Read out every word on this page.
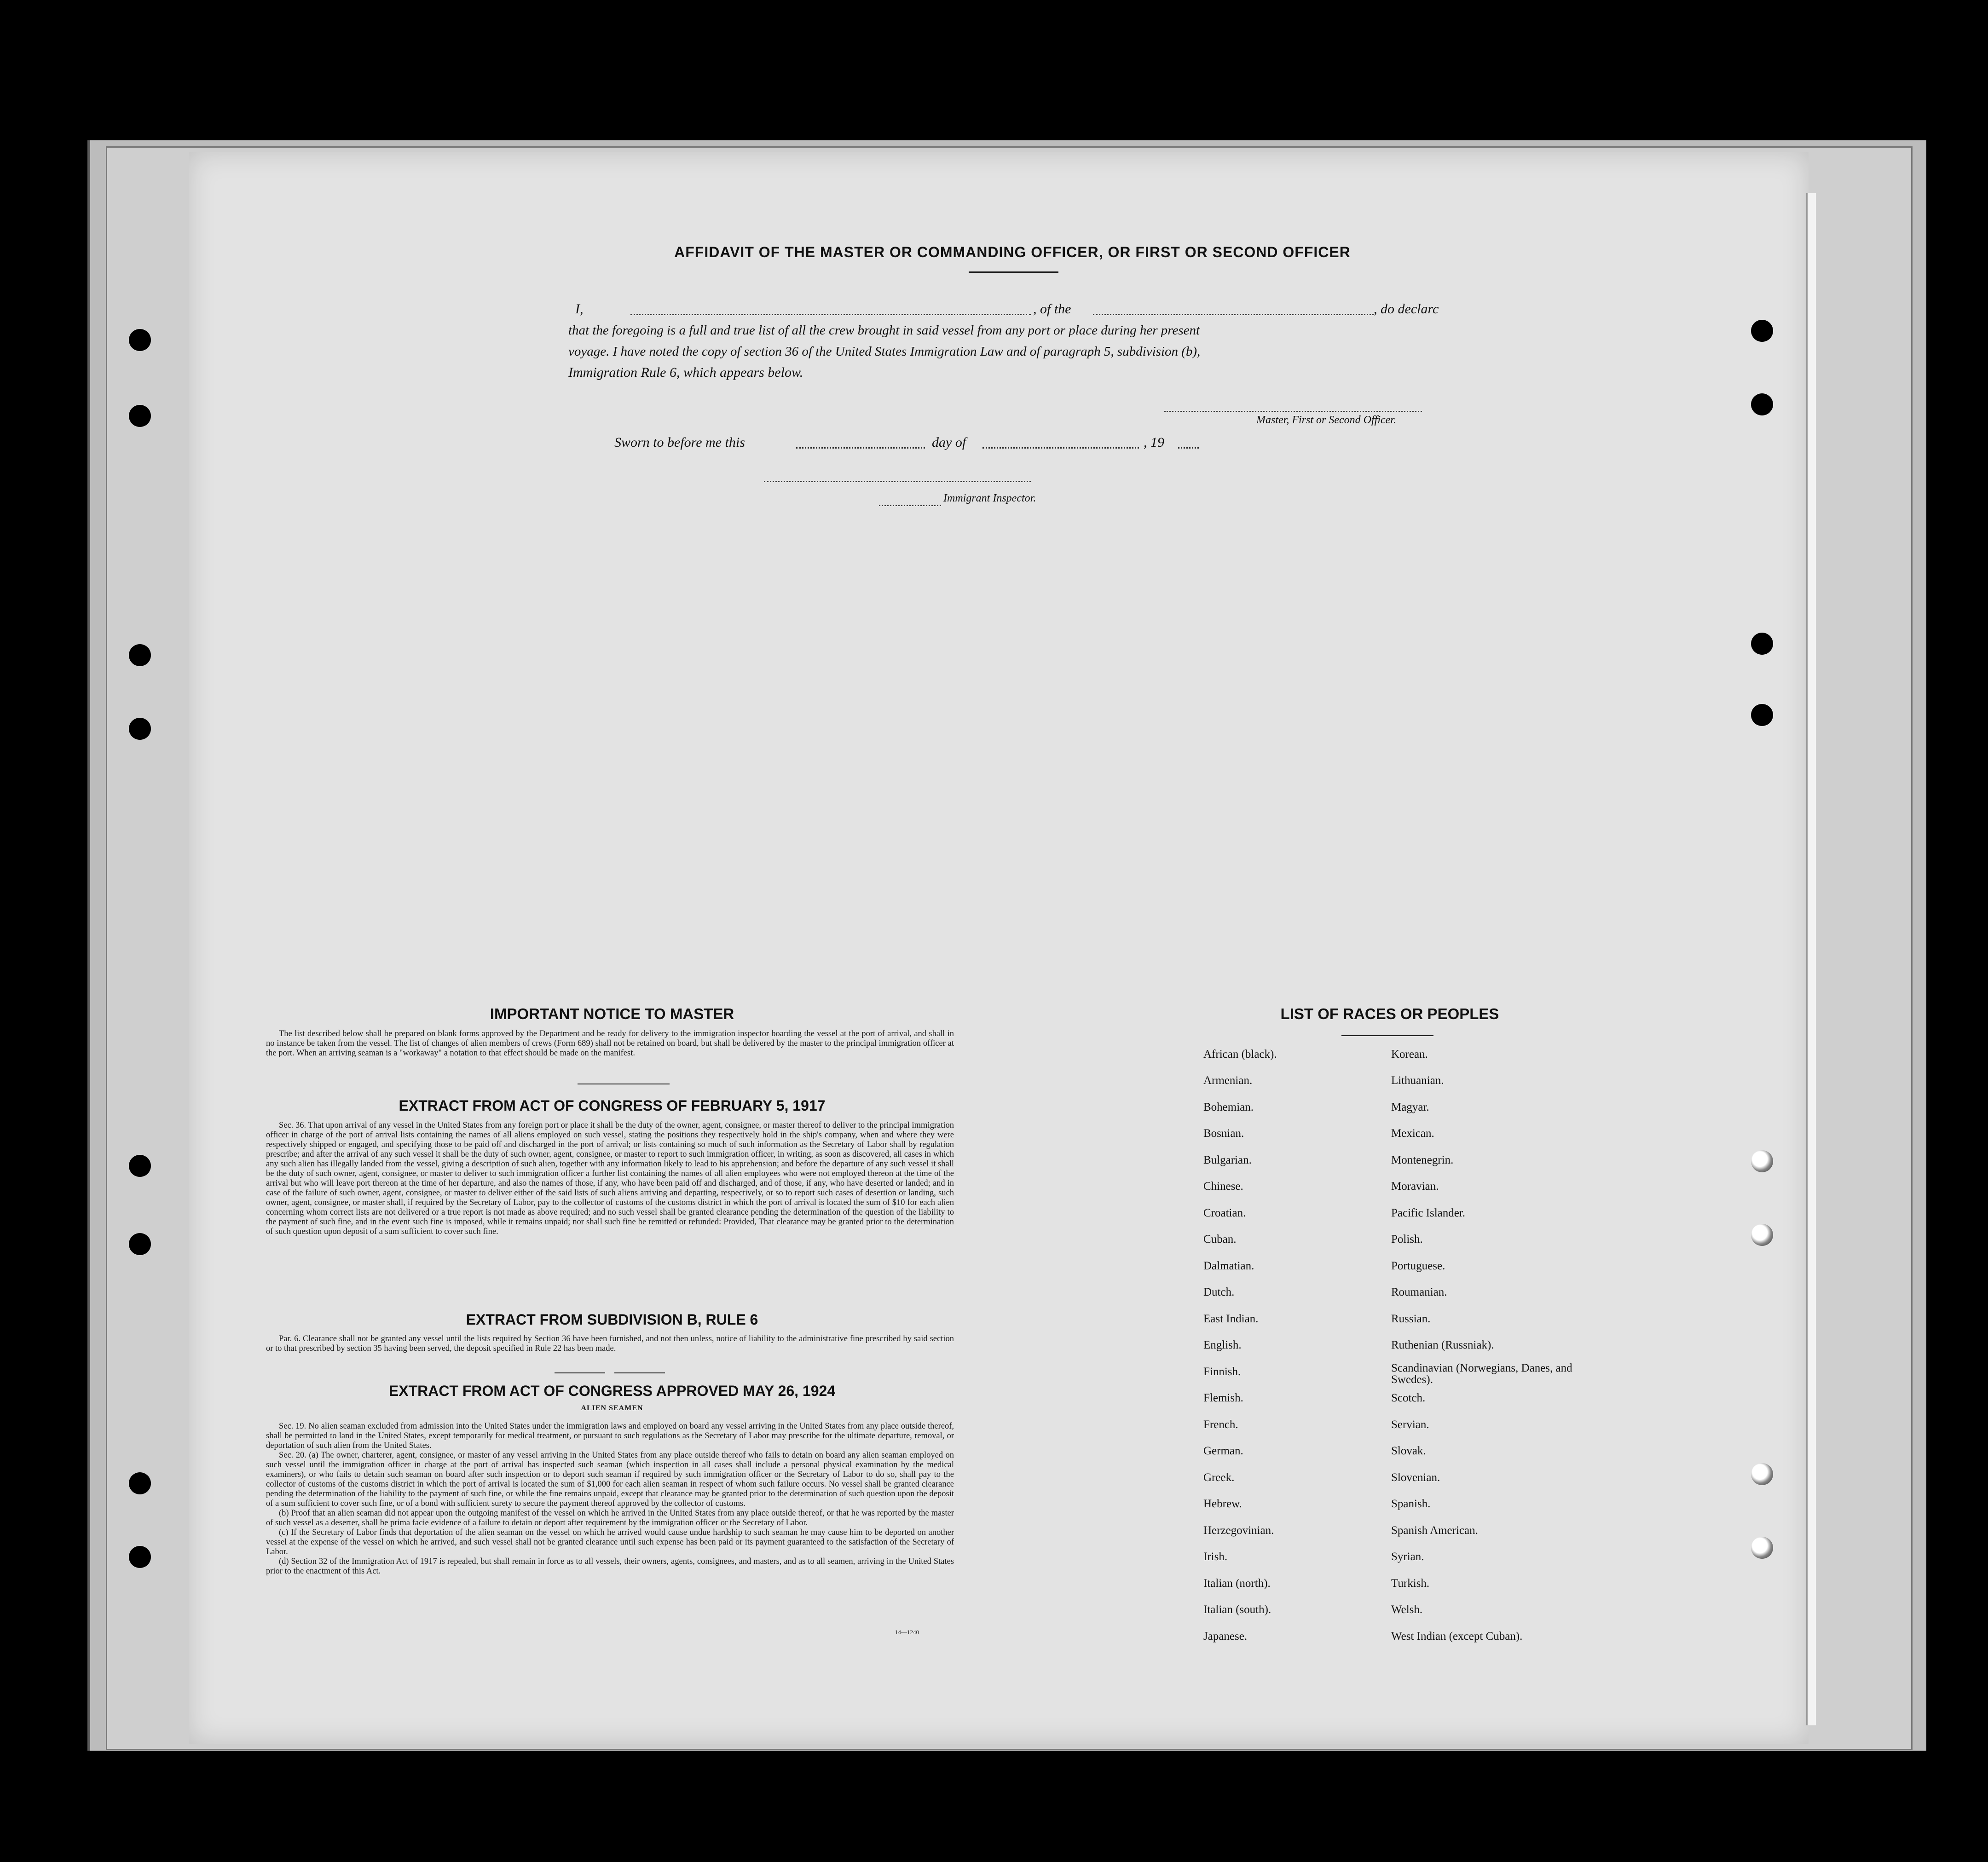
AFFIDAVIT OF THE MASTER OR COMMANDING OFFICER, OR FIRST OR SECOND OFFICER
I,	, of the	, do declarc
that the foregoing is a full and true list of all the crew brought in said vessel from any port or place during her present
voyage. I have noted the copy of section 36 of the United States Immigration Law and of paragraph 5, subdivision (b),
Immigration Rule 6, which appears below.
Master, First or Second Officer.
Sworn to before me this	day of	, 19
Immigrant Inspector.
IMPORTANT NOTICE TO MASTER

The list described below shall be prepared on blank forms approved by the Department and be ready for delivery to the immigration inspector boarding the vessel at the port of arrival, and shall in no instance be taken from the vessel. The list of changes of alien members of crews (Form 689) shall not be retained on board, but shall be delivered by the master to the principal immigration officer at the port. When an arriving seaman is a "workaway" a notation to that effect should be made on the manifest.

EXTRACT FROM ACT OF CONGRESS OF FEBRUARY 5, 1917

Sec. 36. That upon arrival of any vessel in the United States from any foreign port or place it shall be the duty of the owner, agent, consignee, or master thereof to deliver to the principal immigration officer in charge of the port of arrival lists containing the names of all aliens employed on such vessel, stating the positions they respectively hold in the ship's company, when and where they were respectively shipped or engaged, and specifying those to be paid off and discharged in the port of arrival; or lists containing so much of such information as the Secretary of Labor shall by regulation prescribe; and after the arrival of any such vessel it shall be the duty of such owner, agent, consignee, or master to report to such immigration officer, in writing, as soon as discovered, all cases in which any such alien has illegally landed from the vessel, giving a description of such alien, together with any information likely to lead to his apprehension; and before the departure of any such vessel it shall be the duty of such owner, agent, consignee, or master to deliver to such immigration officer a further list containing the names of all alien employees who were not employed thereon at the time of the arrival but who will leave port thereon at the time of her departure, and also the names of those, if any, who have been paid off and discharged, and of those, if any, who have deserted or landed; and in case of the failure of such owner, agent, consignee, or master to deliver either of the said lists of such aliens arriving and departing, respectively, or so to report such cases of desertion or landing, such owner, agent, consignee, or master shall, if required by the Secretary of Labor, pay to the collector of customs of the customs district in which the port of arrival is located the sum of $10 for each alien concerning whom correct lists are not delivered or a true report is not made as above required; and no such vessel shall be granted clearance pending the determination of the question of the liability to the payment of such fine, and in the event such fine is imposed, while it remains unpaid; nor shall such fine be remitted or refunded: Provided, That clearance may be granted prior to the determination of such question upon deposit of a sum sufficient to cover such fine.

EXTRACT FROM SUBDIVISION B, RULE 6

Par. 6. Clearance shall not be granted any vessel until the lists required by Section 36 have been furnished, and not then unless, notice of liability to the administrative fine prescribed by said section or to that prescribed by section 35 having been served, the deposit specified in Rule 22 has been made.

EXTRACT FROM ACT OF CONGRESS APPROVED MAY 26, 1924
ALIEN SEAMEN

Sec. 19. No alien seaman excluded from admission into the United States under the immigration laws and employed on board any vessel arriving in the United States from any place outside thereof, shall be permitted to land in the United States, except temporarily for medical treatment, or pursuant to such regulations as the Secretary of Labor may prescribe for the ultimate departure, removal, or deportation of such alien from the United States.

Sec. 20. (a) The owner, charterer, agent, consignee, or master of any vessel arriving in the United States from any place outside thereof who fails to detain on board any alien seaman employed on such vessel until the immigration officer in charge at the port of arrival has inspected such seaman (which inspection in all cases shall include a personal physical examination by the medical examiners), or who fails to detain such seaman on board after such inspection or to deport such seaman if required by such immigration officer or the Secretary of Labor to do so, shall pay to the collector of customs of the customs district in which the port of arrival is located the sum of $1,000 for each alien seaman in respect of whom such failure occurs. No vessel shall be granted clearance pending the determination of the liability to the payment of such fine, or while the fine remains unpaid, except that clearance may be granted prior to the determination of such question upon the deposit of a sum sufficient to cover such fine, or of a bond with sufficient surety to secure the payment thereof approved by the collector of customs.

(b) Proof that an alien seaman did not appear upon the outgoing manifest of the vessel on which he arrived in the United States from any place outside thereof, or that he was reported by the master of such vessel as a deserter, shall be prima facie evidence of a failure to detain or deport after requirement by the immigration officer or the Secretary of Labor.

(c) If the Secretary of Labor finds that deportation of the alien seaman on the vessel on which he arrived would cause undue hardship to such seaman he may cause him to be deported on another vessel at the expense of the vessel on which he arrived, and such vessel shall not be granted clearance until such expense has been paid or its payment guaranteed to the satisfaction of the Secretary of Labor.

(d) Section 32 of the Immigration Act of 1917 is repealed, but shall remain in force as to all vessels, their owners, agents, consignees, and masters, and as to all seamen, arriving in the United States prior to the enactment of this Act.

14—1240
LIST OF RACES OR PEOPLES
African (black).
Armenian.
Bohemian.
Bosnian.
Bulgarian.
Chinese.
Croatian.
Cuban.
Dalmatian.
Dutch.
East Indian.
English.
Finnish.
Flemish.
French.
German.
Greek.
Hebrew.
Herzegovinian.
Irish.
Italian (north).
Italian (south).
Japanese.
Korean.
Lithuanian.
Magyar.
Mexican.
Montenegrin.
Moravian.
Pacific Islander.
Polish.
Portuguese.
Roumanian.
Russian.
Ruthenian (Russniak).
Scandinavian (Norwegians, Danes, and Swedes).
Scotch.
Servian.
Slovak.
Slovenian.
Spanish.
Spanish American.
Syrian.
Turkish.
Welsh.
West Indian (except Cuban).
